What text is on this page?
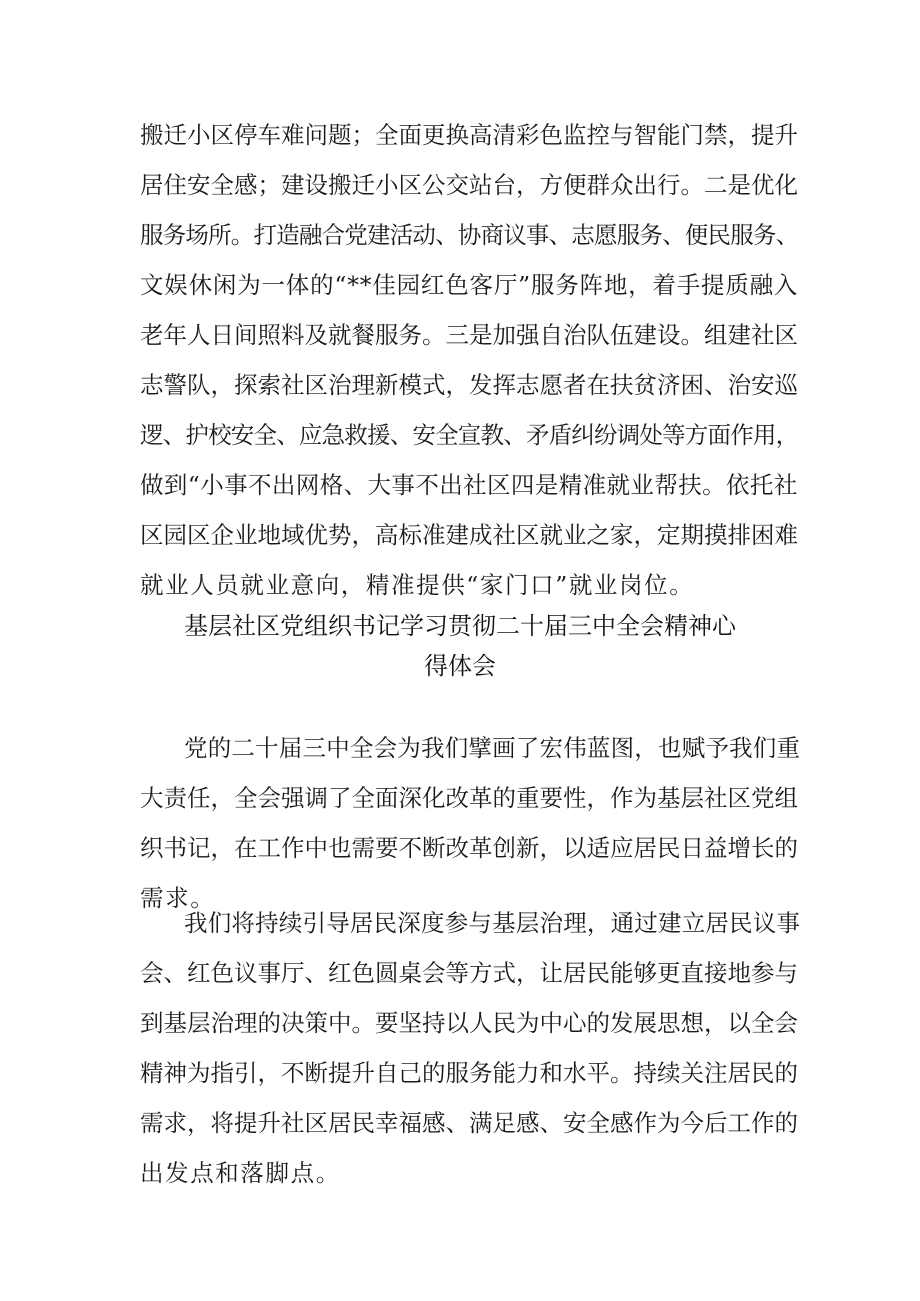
搬迁小区停车难问题；全面更换高清彩色监控与智能门禁，提升
居住安全感；建设搬迁小区公交站台，方便群众出行。二是优化
服务场所。打造融合党建活动、协商议事、志愿服务、便民服务、
文娱休闲为一体的“**佳园红色客厅”服务阵地，着手提质融入
老年人日间照料及就餐服务。三是加强自治队伍建设。组建社区
志警队，探索社区治理新模式，发挥志愿者在扶贫济困、治安巡
逻、护校安全、应急救援、安全宣教、矛盾纠纷调处等方面作用，
做到“小事不出网格、大事不出社区四是精准就业帮扶。依托社
区园区企业地域优势，高标准建成社区就业之家，定期摸排困难
就业人员就业意向，精准提供“家门口”就业岗位。
基层社区党组织书记学习贯彻二十届三中全会精神心
得体会
党的二十届三中全会为我们擘画了宏伟蓝图，也赋予我们重
大责任，全会强调了全面深化改革的重要性，作为基层社区党组
织书记，在工作中也需要不断改革创新，以适应居民日益增长的
需求。
我们将持续引导居民深度参与基层治理，通过建立居民议事
会、红色议事厅、红色圆桌会等方式，让居民能够更直接地参与
到基层治理的决策中。要坚持以人民为中心的发展思想，以全会
精神为指引，不断提升自己的服务能力和水平。持续关注居民的
需求，将提升社区居民幸福感、满足感、安全感作为今后工作的
出发点和落脚点。
